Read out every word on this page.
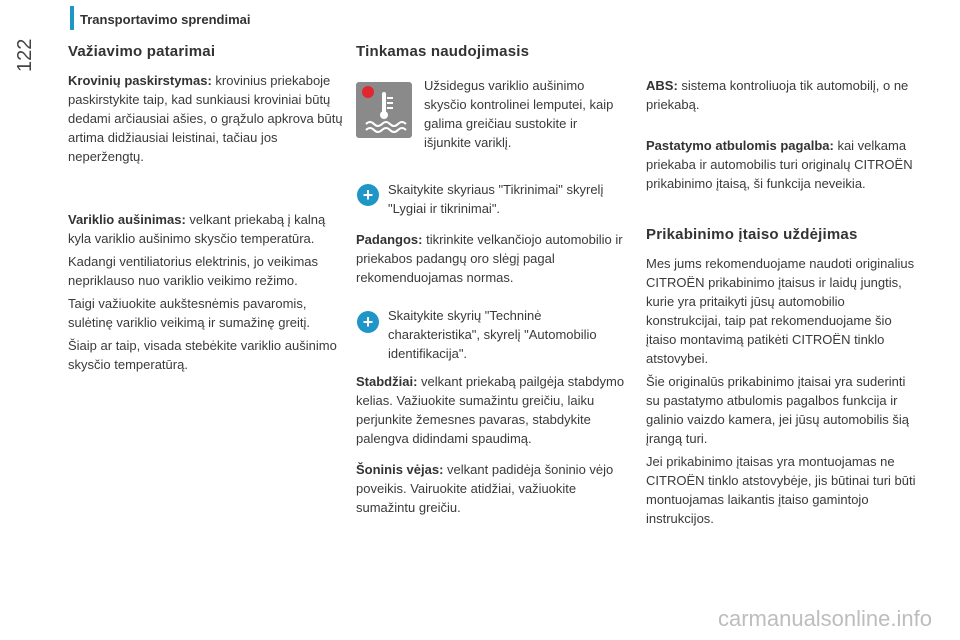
Transportavimo sprendimai
122 Važiavimo patarimai

Krovinių paskirstymas: krovinius priekaboje paskirstykite taip, kad sunkiausi kroviniai būtų dedami arčiausiai ašies, o grąžulo apkrova būtų artima didžiausiai leistinai, tačiau jos neperžengtų.

Variklio aušinimas: velkant priekabą į kalną kyla variklio aušinimo skysčio temperatūra.

Kadangi ventiliatorius elektrinis, jo veikimas nepriklauso nuo variklio veikimo režimo.

Taigi važiuokite aukštesnėmis pavaromis, sulėtinę variklio veikimą ir sumažinę greitį.

Šiaip ar taip, visada stebėkite variklio aušinimo skysčio temperatūrą.

Tinkamas naudojimasis
Užsidegus variklio aušinimo skysčio kontrolinei lemputei, kaip galima greičiau sustokite ir išjunkite variklį.
+	Skaitykite skyriaus "Tikrinimai" skyrelį "Lygiai ir tikrinimai".
Padangos: tikrinkite velkančiojo automobilio ir priekabos padangų oro slėgį pagal rekomenduojamas normas.
+	Skaitykite skyrių "Techninė charakteristika", skyrelį "Automobilio identifikacija".
Stabdžiai: velkant priekabą pailgėja stabdymo kelias. Važiuokite sumažintu greičiu, laiku perjunkite žemesnes pavaras, stabdykite palengva didindami spaudimą.
Šoninis vėjas: velkant padidėja šoninio vėjo poveikis. Vairuokite atidžiai, važiuokite sumažintu greičiu.

ABS: sistema kontroliuoja tik automobilį, o ne priekabą.

Pastatymo atbulomis pagalba: kai velkama priekaba ir automobilis turi originalų CITROËN prikabinimo įtaisą, ši funkcija neveikia.

Prikabinimo įtaiso uždėjimas

Mes jums rekomenduojame naudoti originalius CITROËN prikabinimo įtaisus ir laidų jungtis, kurie yra pritaikyti jūsų automobilio konstrukcijai, taip pat rekomenduojame šio įtaiso montavimą patikėti CITROËN tinklo atstovybei.

Šie originalūs prikabinimo įtaisai yra suderinti su pastatymo atbulomis pagalbos funkcija ir galinio vaizdo kamera, jei jūsų automobilis šią įrangą turi.

Jei prikabinimo įtaisas yra montuojamas ne CITROËN tinklo atstovybėje, jis būtinai turi būti montuojamas laikantis įtaiso gamintojo instrukcijos.

carmanualsonline.info
